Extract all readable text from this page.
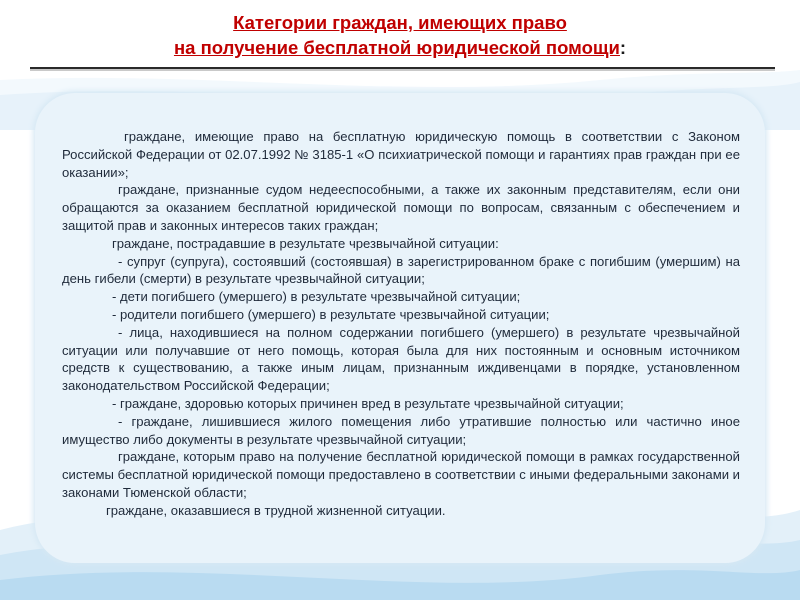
Категории граждан, имеющих право
на получение бесплатной юридической помощи:

граждане, имеющие право на бесплатную юридическую помощь в соответствии с Законом Российской Федерации от 02.07.1992 № 3185-1 «О психиатрической помощи и гарантиях прав граждан при ее оказании»;

граждане, признанные судом недееспособными, а также их законным представителям, если они обращаются за оказанием бесплатной юридической помощи по вопросам, связанным с обеспечением и защитой прав и законных интересов таких граждан;

граждане, пострадавшие в результате чрезвычайной ситуации:

- супруг (супруга), состоявший (состоявшая) в зарегистрированном браке с погибшим (умершим) на день гибели (смерти) в результате чрезвычайной ситуации;

- дети погибшего (умершего) в результате чрезвычайной ситуации;

- родители погибшего (умершего) в результате чрезвычайной ситуации;

- лица, находившиеся на полном содержании погибшего (умершего) в результате чрезвычайной ситуации или получавшие от него помощь, которая была для них постоянным и основным источником средств к существованию, а также иным лицам, признанным иждивенцами в порядке, установленном законодательством Российской Федерации;

- граждане, здоровью которых причинен вред в результате чрезвычайной ситуации;

- граждане, лишившиеся жилого помещения либо утратившие полностью или частично иное имущество либо документы в результате чрезвычайной ситуации;

граждане, которым право на получение бесплатной юридической помощи в рамках государственной системы бесплатной юридической помощи предоставлено в соответствии с иными федеральными законами и законами Тюменской области;

граждане, оказавшиеся в трудной жизненной ситуации.
